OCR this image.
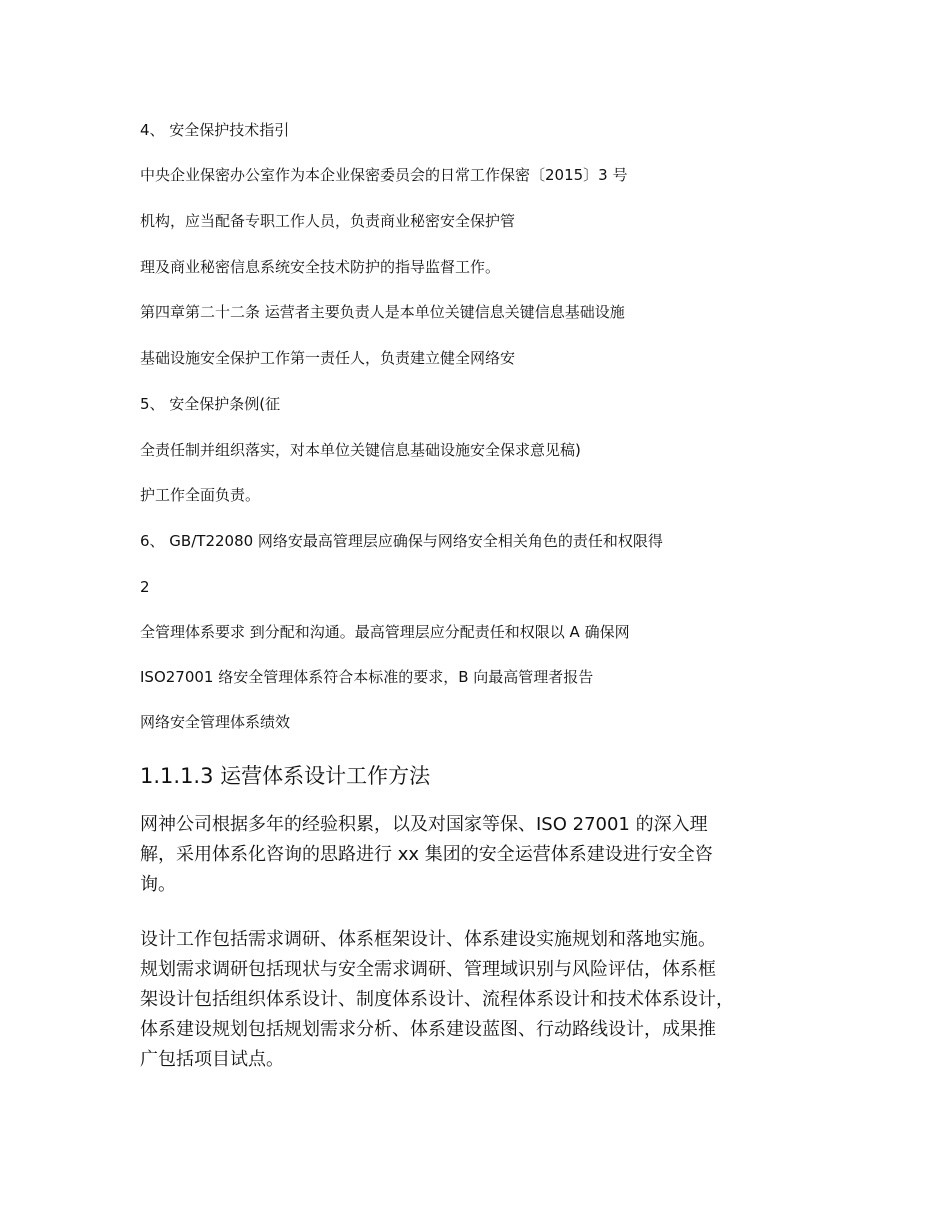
4、 安全保护技术指引

中央企业保密办公室作为本企业保密委员会的日常工作保密〔2015〕3 号

机构，应当配备专职工作人员，负责商业秘密安全保护管

理及商业秘密信息系统安全技术防护的指导监督工作。

第四章第二十二条 运营者主要负责人是本单位关键信息关键信息基础设施

基础设施安全保护工作第一责任人，负责建立健全网络安

5、 安全保护条例(征

全责任制并组织落实，对本单位关键信息基础设施安全保求意见稿)

护工作全面负责。

6、 GB/T22080 网络安最高管理层应确保与网络安全相关角色的责任和权限得

2

全管理体系要求 到分配和沟通。最高管理层应分配责任和权限以 A 确保网

ISO27001 络安全管理体系符合本标准的要求，B 向最高管理者报告

网络安全管理体系绩效

1.1.1.3 运营体系设计工作方法
网神公司根据多年的经验积累，以及对国家等保、ISO 27001 的深入理
解，采用体系化咨询的思路进行 xx 集团的安全运营体系建设进行安全咨
询。
设计工作包括需求调研、体系框架设计、体系建设实施规划和落地实施。
规划需求调研包括现状与安全需求调研、管理域识别与风险评估，体系框
架设计包括组织体系设计、制度体系设计、流程体系设计和技术体系设计，
体系建设规划包括规划需求分析、体系建设蓝图、行动路线设计，成果推
广包括项目试点。
